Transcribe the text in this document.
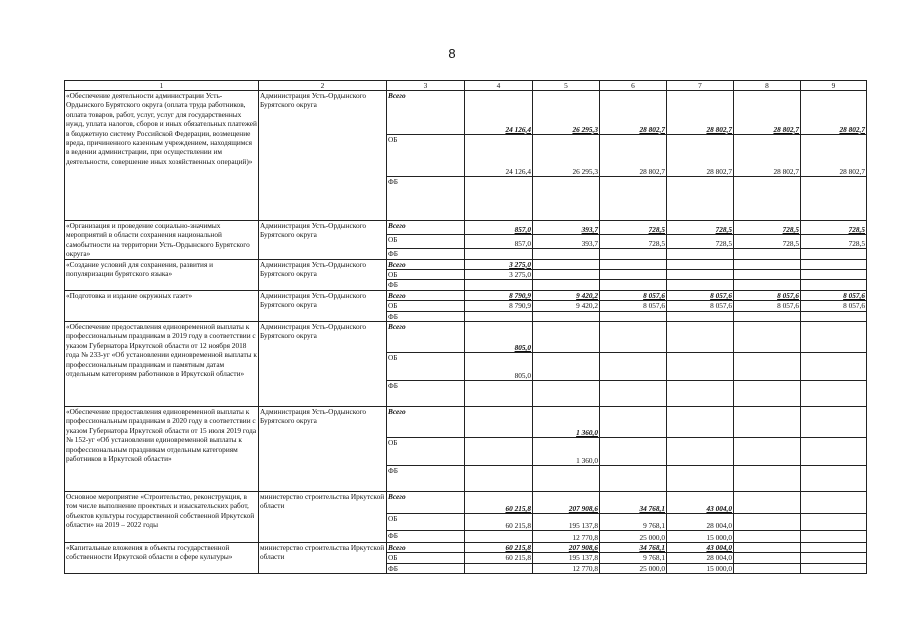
8
1	2	3	4	5	6	7	8	9
«Обеспечение деятельности администрации Усть-Ордынского Бурятского округа (оплата труда работников, оплата товаров, работ, услуг, услуг для государственных нужд, уплата налогов, сборов и иных обязательных платежей в бюджетную систему Российской Федерации, возмещение вреда, причиненного казенным учреждением, находящимся в ведении администрации, при осуществлении им деятельности, совершение иных хозяйственных операций)»	Администрация Усть-Ордынского Бурятского округа	Всего	24 126,4	26 295,3	28 802,7	28 802,7	28 802,7	28 802,7
		ОБ	24 126,4	26 295,3	28 802,7	28 802,7	28 802,7	28 802,7
		ФБ						
«Организация и проведение социально-значимых мероприятий в области сохранения национальной самобытности на территории Усть-Ордынского Бурятского округа»	Администрация Усть-Ордынского Бурятского округа	Всего	857,0	393,7	728,5	728,5	728,5	728,5
		ОБ	857,0	393,7	728,5	728,5	728,5	728,5
		ФБ						
«Создание условий для сохранения, развития и популяризации бурятского языка»	Администрация Усть-Ордынского Бурятского округа	Всего	3 275,0					
		ОБ	3 275,0					
		ФБ						
«Подготовка и издание окружных газет»	Администрация Усть-Ордынского Бурятского округа	Всего	8 790,9	9 420,2	8 057,6	8 057,6	8 057,6	8 057,6
		ОБ	8 790,9	9 420,2	8 057,6	8 057,6	8 057,6	8 057,6
		ФБ						
«Обеспечение предоставления единовременной выплаты к профессиональным праздникам в 2019 году в соответствии с указом Губернатора Иркутской области от 12 ноября 2018 года № 233-уг «Об установлении единовременной выплаты к профессиональным праздникам и памятным датам отдельным категориям работников в Иркутской области»	Администрация Усть-Ордынского Бурятского округа	Всего	805,0					
		ОБ	805,0					
		ФБ						
«Обеспечение предоставления единовременной выплаты к профессиональным праздникам в 2020 году в соответствии с указом Губернатора Иркутской области от 15 июля 2019 года № 152-уг «Об установлении единовременной выплаты к профессиональным праздникам отдельным категориям работников в Иркутской области»	Администрация Усть-Ордынского Бурятского округа	Всего		1 360,0				
		ОБ		1 360,0				
		ФБ						
Основное мероприятие «Строительство, реконструкция, в том числе выполнение проектных и изыскательских работ, объектов культуры государственной собственной Иркутской области» на 2019 – 2022 годы	министерство строительства Иркутской области	Всего	60 215,8	207 908,6	34 768,1	43 004,0		
		ОБ	60 215,8	195 137,8	9 768,1	28 004,0		
		ФБ		12 770,8	25 000,0	15 000,0		
«Капитальные вложения в объекты государственной собственности Иркутской области в сфере культуры»	министерство строительства Иркутской области	Всего	60 215,8	207 908,6	34 768,1	43 004,0		
		ОБ	60 215,8	195 137,8	9 768,1	28 004,0		
		ФБ		12 770,8	25 000,0	15 000,0		
